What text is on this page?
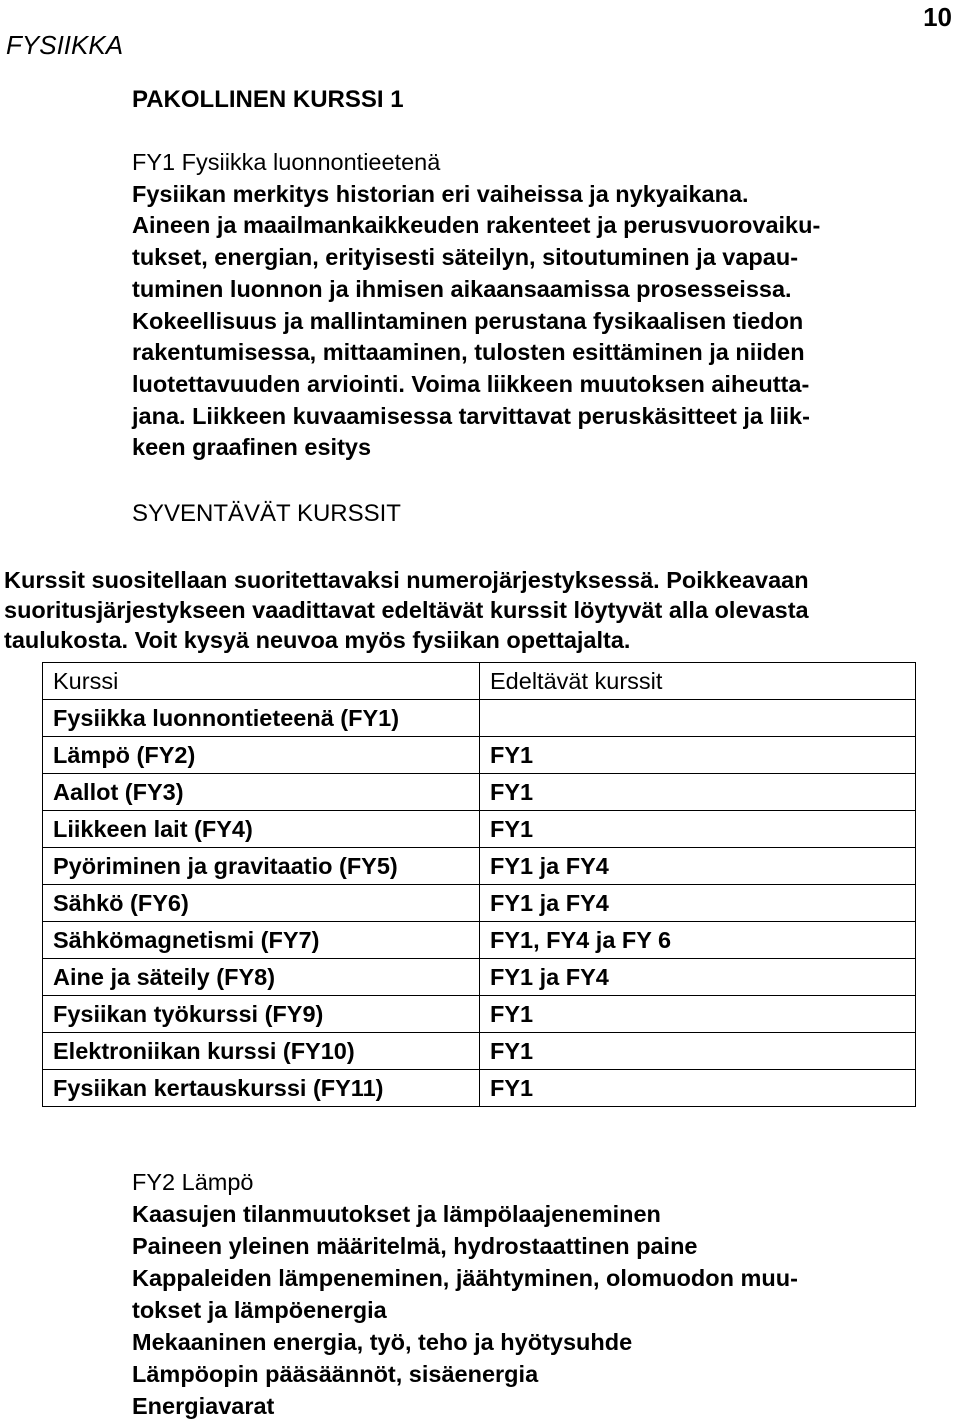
10
FYSIIKKA
PAKOLLINEN KURSSI 1
FY1 Fysiikka luonnontieetenä
Fysiikan merkitys historian eri vaiheissa ja nykyaikana.
Aineen ja maailmankaikkeuden rakenteet ja perusvuorovaiku-
tukset, energian, erityisesti säteilyn, sitoutuminen ja vapau-
tuminen luonnon ja ihmisen aikaansaamissa prosesseissa.
Kokeellisuus ja mallintaminen perustana fysikaalisen tiedon
rakentumisessa, mittaaminen, tulosten esittäminen ja niiden
luotettavuuden arviointi. Voima liikkeen muutoksen aiheutta-
jana. Liikkeen kuvaamisessa tarvittavat peruskäsitteet ja liik-
keen graafinen esitys
SYVENTÄVÄT KURSSIT
Kurssit suositellaan suoritettavaksi numerojärjestyksessä. Poikkeavaan
suoritusjärjestykseen vaadittavat edeltävät kurssit löytyvät alla olevasta
taulukosta. Voit kysyä neuvoa myös fysiikan opettajalta.
Kurssi	Edeltävät kurssit
Fysiikka luonnontieteenä (FY1)	
Lämpö (FY2)	FY1
Aallot (FY3)	FY1
Liikkeen lait (FY4)	FY1
Pyöriminen ja gravitaatio (FY5)	FY1 ja FY4
Sähkö (FY6)	FY1 ja FY4
Sähkömagnetismi (FY7)	FY1, FY4 ja FY 6
Aine ja säteily (FY8)	FY1 ja FY4
Fysiikan työkurssi (FY9)	FY1
Elektroniikan kurssi (FY10)	FY1
Fysiikan kertauskurssi (FY11)	FY1
FY2 Lämpö
Kaasujen tilanmuutokset ja lämpölaajeneminen
Paineen yleinen määritelmä, hydrostaattinen paine
Kappaleiden lämpeneminen, jäähtyminen, olomuodon muu-
tokset ja lämpöenergia
Mekaaninen energia, työ, teho ja hyötysuhde
Lämpöopin pääsäännöt, sisäenergia
Energiavarat
